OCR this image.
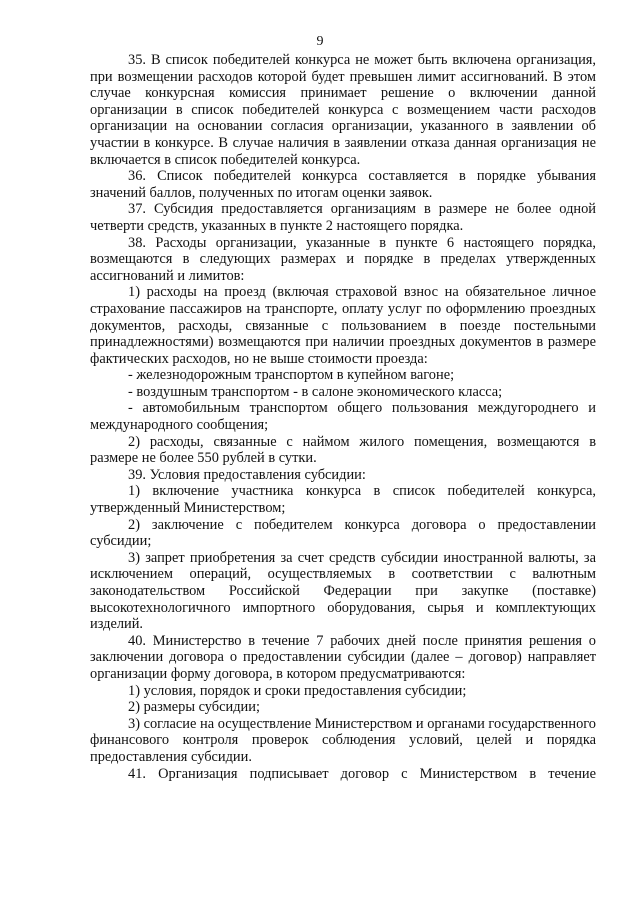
9

35. В список победителей конкурса не может быть включена организация, при возмещении расходов которой будет превышен лимит ассигнований. В этом случае конкурсная комиссия принимает решение о включении данной организации в список победителей конкурса с возмещением части расходов организации на основании согласия организации, указанного в заявлении об участии в конкурсе. В случае наличия в заявлении отказа данная организация не включается в список победителей конкурса.

36. Список победителей конкурса составляется в порядке убывания значений баллов, полученных по итогам оценки заявок.

37. Субсидия предоставляется организациям в размере не более одной четверти средств, указанных в пункте 2 настоящего порядка.

38. Расходы организации, указанные в пункте 6 настоящего порядка, возмещаются в следующих размерах и порядке в пределах утвержденных ассигнований и лимитов:

1) расходы на проезд (включая страховой взнос на обязательное личное страхование пассажиров на транспорте, оплату услуг по оформлению проездных документов, расходы, связанные с пользованием в поезде постельными принадлежностями) возмещаются при наличии проездных документов в размере фактических расходов, но не выше стоимости проезда:

- железнодорожным транспортом в купейном вагоне;

- воздушным транспортом - в салоне экономического класса;

- автомобильным транспортом общего пользования междугороднего и международного сообщения;

2) расходы, связанные с наймом жилого помещения, возмещаются в размере не более 550 рублей в сутки.

39. Условия предоставления субсидии:

1) включение участника конкурса в список победителей конкурса, утвержденный Министерством;

2) заключение с победителем конкурса договора о предоставлении субсидии;

3) запрет приобретения за счет средств субсидии иностранной валюты, за исключением операций, осуществляемых в соответствии с валютным законодательством Российской Федерации при закупке (поставке) высокотехнологичного импортного оборудования, сырья и комплектующих изделий.

40. Министерство в течение 7 рабочих дней после принятия решения о заключении договора о предоставлении субсидии (далее – договор) направляет организации форму договора, в котором предусматриваются:

1) условия, порядок и сроки предоставления субсидии;

2) размеры субсидии;

3) согласие на осуществление Министерством и органами государственного финансового контроля проверок соблюдения условий, целей и порядка предоставления субсидии.

41. Организация подписывает договор с Министерством в течение
